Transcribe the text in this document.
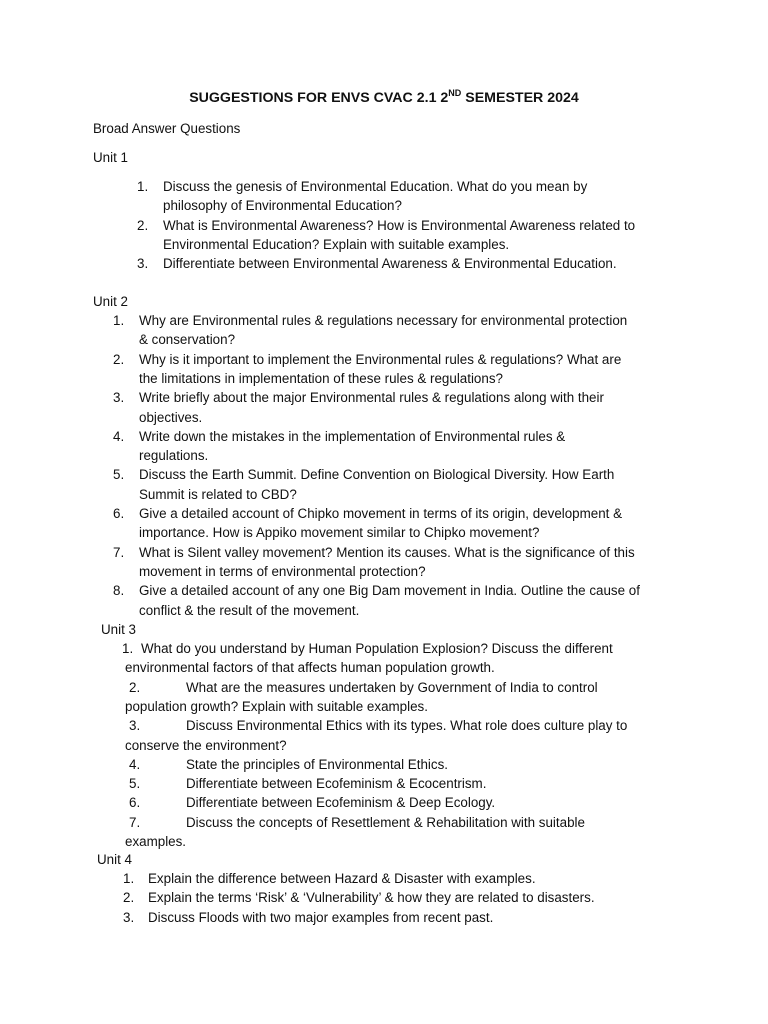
SUGGESTIONS FOR ENVS CVAC 2.1 2ND SEMESTER 2024
Broad Answer Questions
Unit 1
1. Discuss the genesis of Environmental Education. What do you mean by
philosophy of Environmental Education?
2. What is Environmental Awareness? How is Environmental Awareness related to
Environmental Education? Explain with suitable examples.
3. Differentiate between Environmental Awareness & Environmental Education.
Unit 2
1. Why are Environmental rules & regulations necessary for environmental protection
& conservation?
2. Why is it important to implement the Environmental rules & regulations? What are
the limitations in implementation of these rules & regulations?
3. Write briefly about the major Environmental rules & regulations along with their
objectives.
4. Write down the mistakes in the implementation of Environmental rules &
regulations.
5. Discuss the Earth Summit. Define Convention on Biological Diversity. How Earth
Summit is related to CBD?
6. Give a detailed account of Chipko movement in terms of its origin, development &
importance. How is Appiko movement similar to Chipko movement?
7. What is Silent valley movement? Mention its causes. What is the significance of this
movement in terms of environmental protection?
8. Give a detailed account of any one Big Dam movement in India. Outline the cause of
conflict & the result of the movement.
Unit 3
1. What do you understand by Human Population Explosion? Discuss the different
environmental factors of that affects human population growth.
2.	What are the measures undertaken by Government of India to control
population growth? Explain with suitable examples.
3.	Discuss Environmental Ethics with its types. What role does culture play to
conserve the environment?
4.	State the principles of Environmental Ethics.
5.	Differentiate between Ecofeminism & Ecocentrism.
6.	Differentiate between Ecofeminism & Deep Ecology.
7.	Discuss the concepts of Resettlement & Rehabilitation with suitable
examples.
Unit 4
1. Explain the difference between Hazard & Disaster with examples.
2. Explain the terms ‘Risk’ & ‘Vulnerability’ & how they are related to disasters.
3. Discuss Floods with two major examples from recent past.
